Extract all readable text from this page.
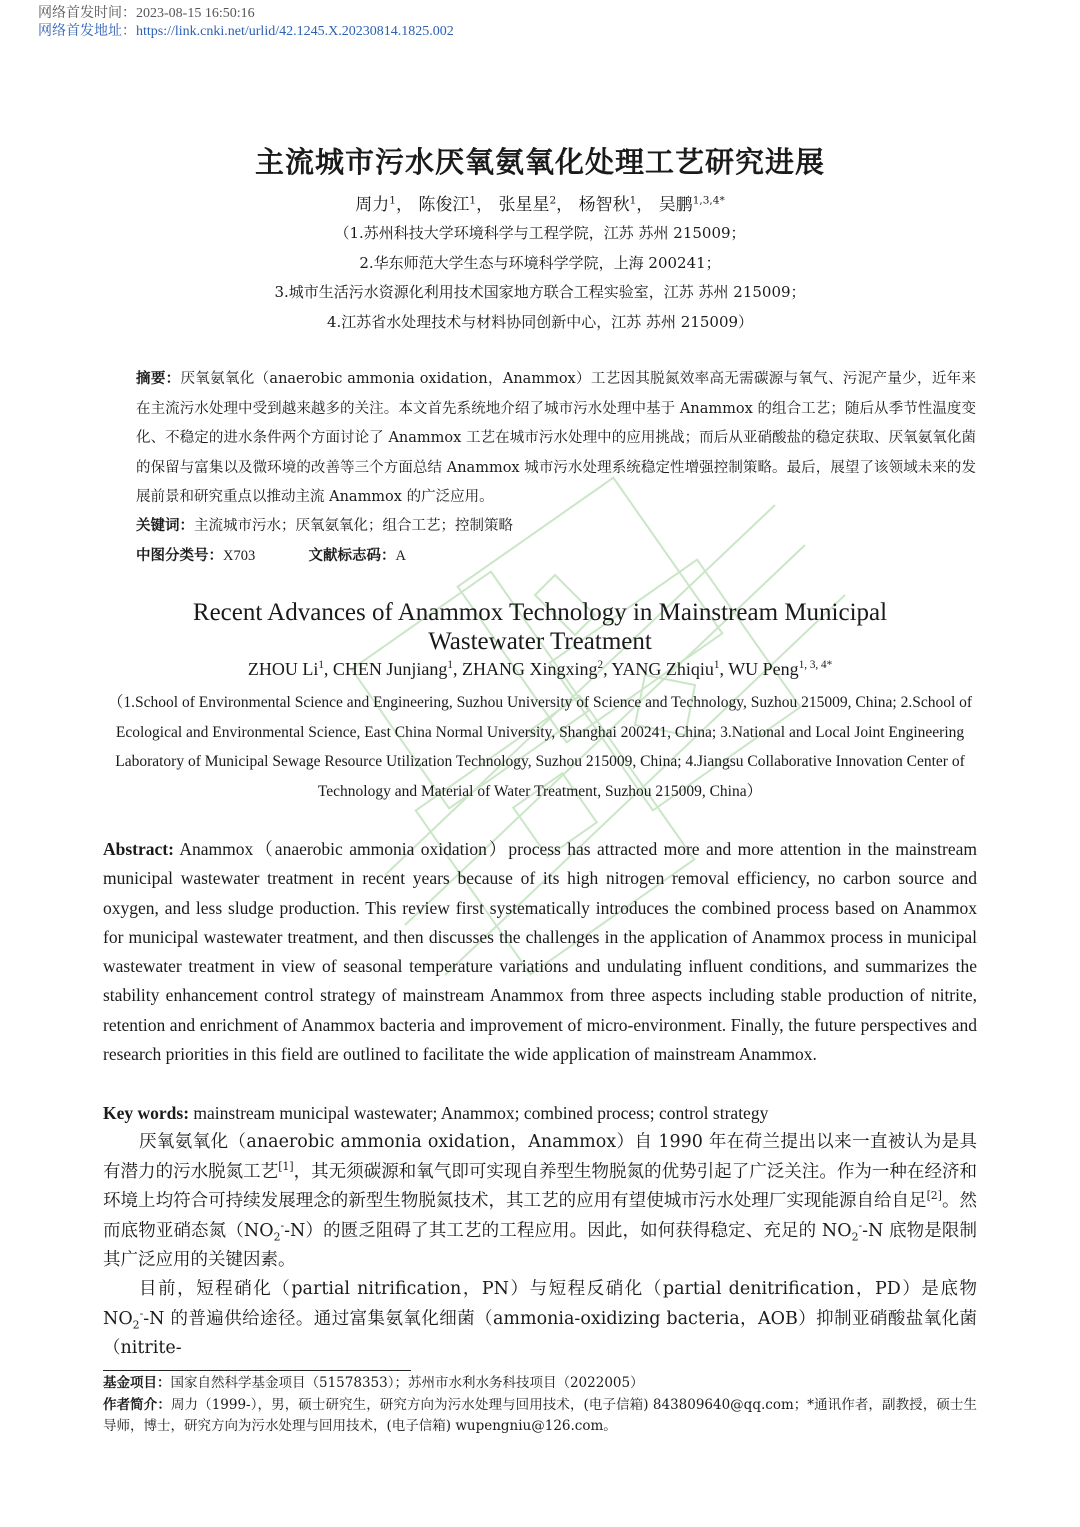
网络首发时间：2023-08-15 16:50:16
网络首发地址：https://link.cnki.net/urlid/42.1245.X.20230814.1825.002
主流城市污水厌氧氨氧化处理工艺研究进展
周力$^1$， 陈俊江$^1$， 张星星$^2$， 杨智秋$^1$， 吴鹏$^{1,3,4*}$
（1.苏州科技大学环境科学与工程学院，江苏 苏州 215009；
2.华东师范大学生态与环境科学学院，上海 200241；
3.城市生活污水资源化利用技术国家地方联合工程实验室，江苏 苏州 215009；
4.江苏省水处理技术与材料协同创新中心，江苏 苏州 215009）
摘要：厌氧氨氧化（anaerobic ammonia oxidation，Anammox）工艺因其脱氮效率高无需碳源与氧气、污泥产量少，近年来在主流污水处理中受到越来越多的关注。本文首先系统地介绍了城市污水处理中基于 Anammox 的组合工艺；随后从季节性温度变化、不稳定的进水条件两个方面讨论了 Anammox 工艺在城市污水处理中的应用挑战；而后从亚硝酸盐的稳定获取、厌氧氨氧化菌的保留与富集以及微环境的改善等三个方面总结 Anammox 城市污水处理系统稳定性增强控制策略。最后，展望了该领域未来的发展前景和研究重点以推动主流 Anammox 的广泛应用。
关键词：主流城市污水；厌氧氨氧化；组合工艺；控制策略
中图分类号：X703	文献标志码：A
Recent Advances of Anammox Technology in Mainstream Municipal
Wastewater Treatment
ZHOU Li$^1$, CHEN Junjiang$^1$, ZHANG Xingxing$^2$, YANG Zhiqiu$^1$, WU Peng$^{1, 3, 4*}$
（1.School of Environmental Science and Engineering, Suzhou University of Science and Technology, Suzhou 215009, China; 2.School of Ecological and Environmental Science, East China Normal University, Shanghai 200241, China; 3.National and Local Joint Engineering Laboratory of Municipal Sewage Resource Utilization Technology, Suzhou 215009, China; 4.Jiangsu Collaborative Innovation Center of Technology and Material of Water Treatment, Suzhou 215009, China）
Abstract: Anammox（anaerobic ammonia oxidation）process has attracted more and more attention in the mainstream municipal wastewater treatment in recent years because of its high nitrogen removal efficiency, no carbon source and oxygen, and less sludge production. This review first systematically introduces the combined process based on Anammox for municipal wastewater treatment, and then discusses the challenges in the application of Anammox process in municipal wastewater treatment in view of seasonal temperature variations and undulating influent conditions, and summarizes the stability enhancement control strategy of mainstream Anammox from three aspects including stable production of nitrite, retention and enrichment of Anammox bacteria and improvement of micro-environment. Finally, the future perspectives and research priorities in this field are outlined to facilitate the wide application of mainstream Anammox.
Key words: mainstream municipal wastewater; Anammox; combined process; control strategy
厌氧氨氧化（anaerobic ammonia oxidation，Anammox）自 1990 年在荷兰提出以来一直被认为是具有潜力的污水脱氮工艺[1]，其无须碳源和氧气即可实现自养型生物脱氮的优势引起了广泛关注。作为一种在经济和环境上均符合可持续发展理念的新型生物脱氮技术，其工艺的应用有望使城市污水处理厂实现能源自给自足[2]。然而底物亚硝态氮$(NO_2^--N)$的匮乏阻碍了其工艺的工程应用。因此，如何获得稳定、充足的 $NO_2^--N$ 底物是限制其广泛应用的关键因素。
目前，短程硝化（partial nitrification，PN）与短程反硝化（partial denitrification，PD）是底物 $NO_2^--N$ 的普遍供给途径。通过富集氨氧化细菌（ammonia-oxidizing bacteria，AOB）抑制亚硝酸盐氧化菌（nitrite-
基金项目：国家自然科学基金项目（51578353）；苏州市水利水务科技项目（2022005）
作者简介：周力（1999-），男，硕士研究生，研究方向为污水处理与回用技术，(电子信箱) 843809640@qq.com；*通讯作者，副教授，硕士生导师，博士，研究方向为污水处理与回用技术，(电子信箱) wupengniu@126.com。
